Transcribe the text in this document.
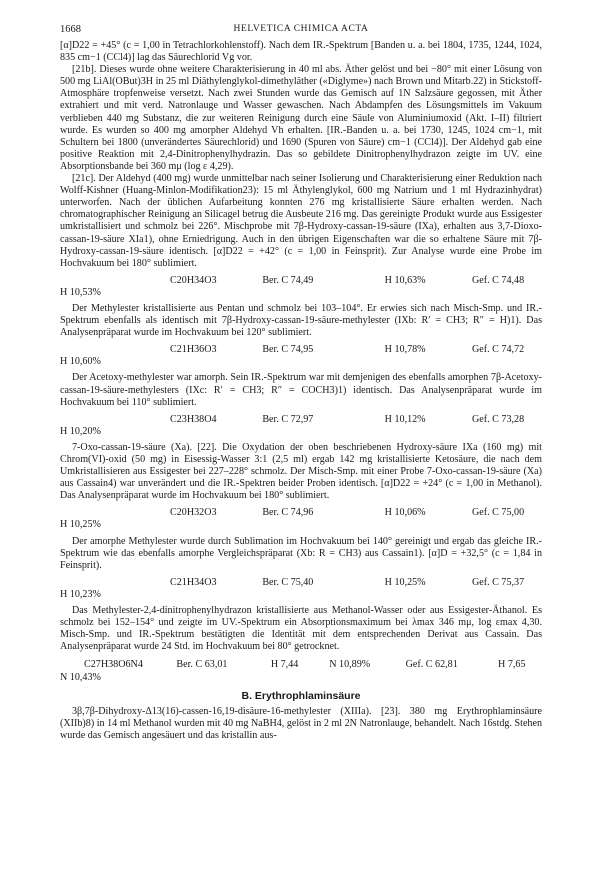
1668	HELVETICA CHIMICA ACTA

[α]D22 = +45° (c = 1,00 in Tetrachlorkohlenstoff). Nach dem IR.-Spektrum [Banden u. a. bei 1804, 1735, 1244, 1024, 835 cm−1 (CCl4)] lag das Säurechlorid Vg vor.

[21b]. Dieses wurde ohne weitere Charakterisierung in 40 ml abs. Äther gelöst und bei −80° mit einer Lösung von 500 mg LiAl(OBut)3H in 25 ml Diäthylenglykol-dimethyläther («Diglyme») nach Brown und Mitarb.22) in Stickstoff-Atmosphäre tropfenweise versetzt. Nach zwei Stunden wurde das Gemisch auf 1N Salzsäure gegossen, mit Äther extrahiert und mit verd. Natronlauge und Wasser gewaschen. Nach Abdampfen des Lösungsmittels im Vakuum verblieben 440 mg Substanz, die zur weiteren Reinigung durch eine Säule von Aluminiumoxid (Akt. I–II) filtriert wurde. Es wurden so 400 mg amorpher Aldehyd Vh erhalten. [IR.-Banden u. a. bei 1730, 1245, 1024 cm−1, mit Schultern bei 1800 (unverändertes Säurechlorid) und 1690 (Spuren von Säure) cm−1 (CCl4)]. Der Aldehyd gab eine positive Reaktion mit 2,4-Dinitrophenylhydrazin. Das so gebildete Dinitrophenylhydrazon zeigte im UV. eine Absorptionsbande bei 360 mμ (log ε 4,29).

[21c]. Der Aldehyd (400 mg) wurde unmittelbar nach seiner Isolierung und Charakterisierung einer Reduktion nach Wolff-Kishner (Huang-Minlon-Modifikation23): 15 ml Äthylenglykol, 600 mg Natrium und 1 ml Hydrazinhydrat) unterworfen. Nach der üblichen Aufarbeitung konnten 276 mg kristallisierte Säure erhalten werden. Nach chromatographischer Reinigung an Silicagel betrug die Ausbeute 216 mg. Das gereinigte Produkt wurde aus Essigester umkristallisiert und schmolz bei 226°. Mischprobe mit 7β-Hydroxy-cassan-19-säure (IXa), erhalten aus 3,7-Dioxo-cassan-19-säure XIa1), ohne Erniedrigung. Auch in den übrigen Eigenschaften war die so erhaltene Säure mit 7β-Hydroxy-cassan-19-säure identisch. [α]D22 = +42° (c = 1,00 in Feinsprit). Zur Analyse wurde eine Probe im Hochvakuum bei 180° sublimiert.

C20H34O3	Ber. C 74,49	H 10,63%	Gef. C 74,48 H 10,53%

Der Methylester kristallisierte aus Pentan und schmolz bei 103–104°. Er erwies sich nach Misch-Smp. und IR.-Spektrum ebenfalls als identisch mit 7β-Hydroxy-cassan-19-säure-methylester (IXb: R′ = CH3; R″ = H)1). Das Analysenpräparat wurde im Hochvakuum bei 120° sublimiert.

C21H36O3	Ber. C 74,95	H 10,78%	Gef. C 74,72 H 10,60%

Der Acetoxy-methylester war amorph. Sein IR.-Spektrum war mit demjenigen des ebenfalls amorphen 7β-Acetoxy-cassan-19-säure-methylesters (IXc: R′ = CH3; R″ = COCH3)1) identisch. Das Analysenpräparat wurde im Hochvakuum bei 110° sublimiert.

C23H38O4	Ber. C 72,97	H 10,12%	Gef. C 73,28 H 10,20%

7-Oxo-cassan-19-säure (Xa). [22]. Die Oxydation der oben beschriebenen Hydroxy-säure IXa (160 mg) mit Chrom(VI)-oxid (50 mg) in Eisessig-Wasser 3:1 (2,5 ml) ergab 142 mg kristallisierte Ketosäure, die nach dem Umkristallisieren aus Essigester bei 227–228° schmolz. Der Misch-Smp. mit einer Probe 7-Oxo-cassan-19-säure (Xa) aus Cassain4) war unverändert und die IR.-Spektren beider Proben identisch. [α]D22 = +24° (c = 1,00 in Methanol). Das Analysenpräparat wurde im Hochvakuum bei 180° sublimiert.

C20H32O3	Ber. C 74,96	H 10,06%	Gef. C 75,00 H 10,25%

Der amorphe Methylester wurde durch Sublimation im Hochvakuum bei 140° gereinigt und ergab das gleiche IR.-Spektrum wie das ebenfalls amorphe Vergleichspräparat (Xb: R = CH3) aus Cassain1). [α]D = +32,5° (c = 1,84 in Feinsprit).

C21H34O3	Ber. C 75,40	H 10,25%	Gef. C 75,37 H 10,23%

Das Methylester-2,4-dinitrophenylhydrazon kristallisierte aus Methanol-Wasser oder aus Essigester-Äthanol. Es schmolz bei 152–154° und zeigte im UV.-Spektrum ein Absorptionsmaximum bei λmax 346 mμ, log εmax 4,30. Misch-Smp. und IR.-Spektrum bestätigten die Identität mit dem entsprechenden Derivat aus Cassain. Das Analysenpräparat wurde 24 Std. im Hochvakuum bei 80° getrocknet.

C27H38O6N4	Ber. C 63,01	H 7,44	N 10,89%	Gef. C 62,81	H 7,65 N 10,43%
B. Erythrophlaminsäure

3β,7β-Dihydroxy-Δ13(16)-cassen-16,19-disäure-16-methylester (XIIIa). [23]. 380 mg Erythrophlaminsäure (XIIb)8) in 14 ml Methanol wurden mit 40 mg NaBH4, gelöst in 2 ml 2N Natronlauge, behandelt. Nach 16stdg. Stehen wurde das Gemisch angesäuert und das kristallin aus-
